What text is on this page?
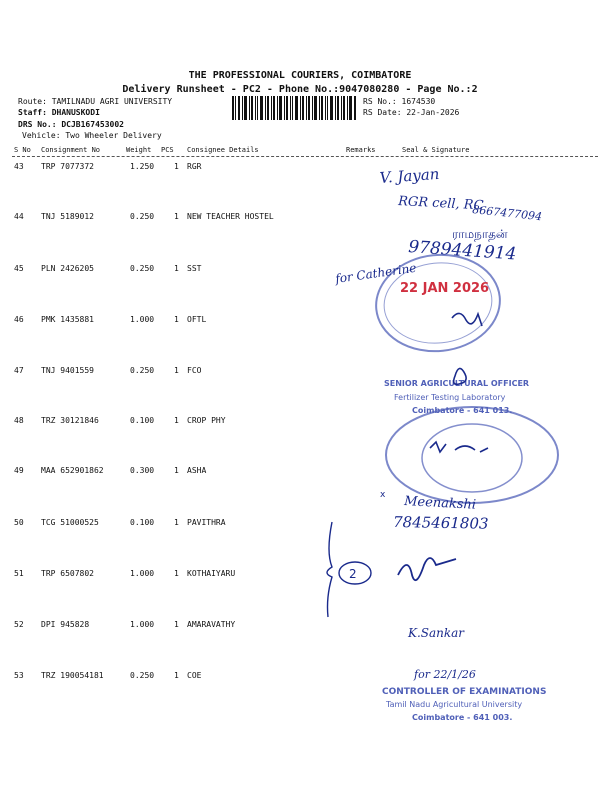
THE PROFESSIONAL COURIERS, COIMBATORE
Delivery Runsheet - PC2 - Phone No.:9047080280 - Page No.:2
Route: TAMILNADU AGRI UNIVERSITY
Staff: DHANUSKODI
DRS No.: DCJB167453002
Vehicle: Two Wheeler Delivery
RS No.: 1674530
RS Date: 22-Jan-2026
S No Consignment No	Weight PCS Consignee Details	Remarks	Seal & Signature
43 TRP 7077372	1.250 1 RGR
44 TNJ 5189012	0.250 1 NEW TEACHER HOSTEL
45 PLN 2426205	0.250 1 SST
46 PMK 1435881	1.000 1 OFTL
47 TNJ 9401559	0.250 1 FCO
48 TRZ 30121846	0.100 1 CROP PHY
49 MAA 652901862	0.300 1 ASHA
50 TCG 51000525	0.100 1 PAVITHRA
51 TRP 6507802	1.000 1 KOTHAIYARU
52 DPI 945828	1.000 1 AMARAVATHY
53 TRZ 190054181	0.250 1 COE
V. Jayan
RGR cell, RC
8667477094
ராமநாதன்
9789441914
22 JAN 2026
for Catherine
SENIOR AGRICULTURAL OFFICER
Fertilizer Testing Laboratory
Coimbatore - 641 013.
x Meenakshi
7845461803
2
K.Sankar
for 22/1/26
CONTROLLER OF EXAMINATIONS
Tamil Nadu Agricultural University
Coimbatore - 641 003.
